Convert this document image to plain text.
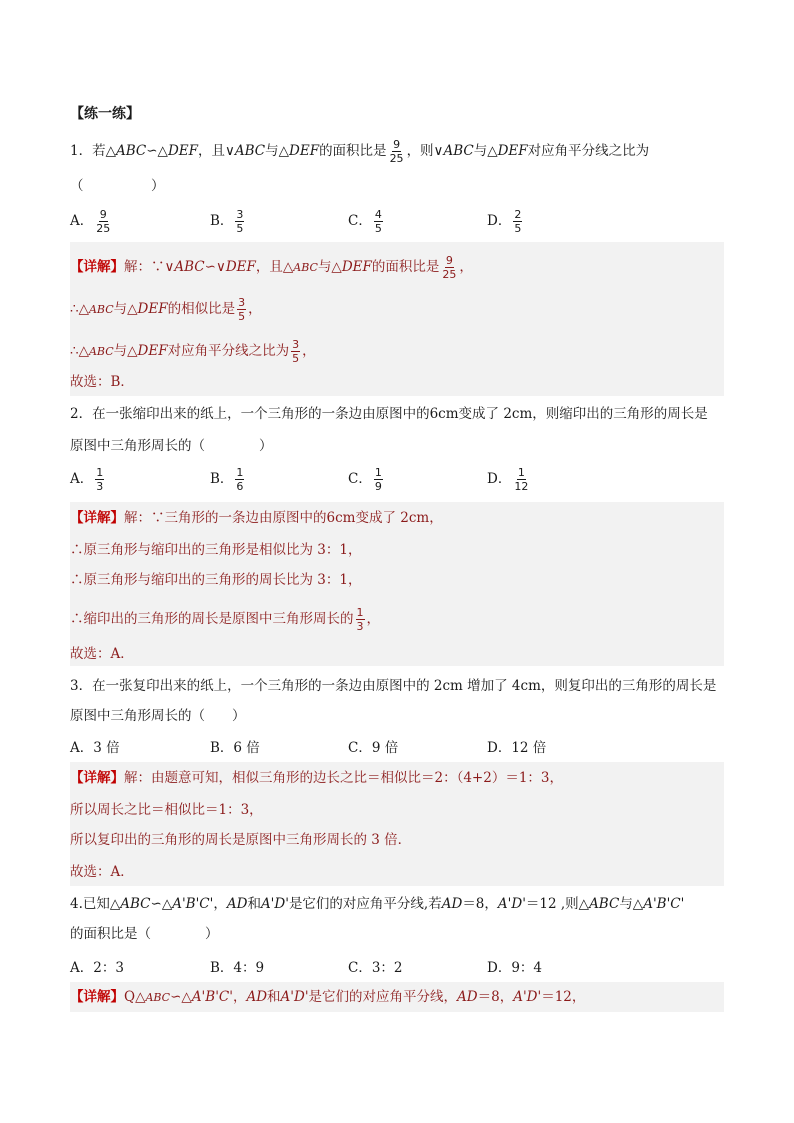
【练一练】
1．若△ABC∽△DEF，且∨ABC与△DEF的面积比是 $\frac{9}{25}$ ，则∨ABC与△DEF对应角平分线之比为
（　　　　　）
A． $\frac{9}{25}$	B． $\frac{3}{5}$	C． $\frac{4}{5}$	D． $\frac{2}{5}$
【详解】解：∵∨ABC∽∨DEF，且△ABC与△DEF的面积比是 $\frac{9}{25}$ ，
∴△ABC与△DEF的相似比是 $\frac{3}{5}$ ，
∴△ABC与△DEF对应角平分线之比为 $\frac{3}{5}$ ，
故选：B．
2．在一张缩印出来的纸上，一个三角形的一条边由原图中的6cm变成了 2cm，则缩印出的三角形的周长是
原图中三角形周长的（　　　　）
A． $\frac{1}{3}$	B． $\frac{1}{6}$	C． $\frac{1}{9}$	D． $\frac{1}{12}$
【详解】解：∵三角形的一条边由原图中的6cm变成了 2cm，
∴原三角形与缩印出的三角形是相似比为 3：1，
∴原三角形与缩印出的三角形的周长比为 3：1，
∴缩印出的三角形的周长是原图中三角形周长的 $\frac{1}{3}$ ，
故选：A．
3．在一张复印出来的纸上，一个三角形的一条边由原图中的 2cm 增加了 4cm，则复印出的三角形的周长是
原图中三角形周长的（　　）
A．3 倍	B．6 倍	C．9 倍	D．12 倍
【详解】解：由题意可知，相似三角形的边长之比＝相似比＝2：（4+2）＝1：3，
所以周长之比＝相似比＝1：3，
所以复印出的三角形的周长是原图中三角形周长的 3 倍．
故选：A．
4.已知△ABC∽△A'B'C'，AD和A'D'是它们的对应角平分线,若AD＝8，A'D'＝12 ,则△ABC与△A'B'C'
的面积比是（　　　　）
A．2：3	B．4：9	C．3：2	D．9：4
【详解】Q△ABC∽△A'B'C'，AD和A'D'是它们的对应角平分线，AD＝8，A'D'＝12，
